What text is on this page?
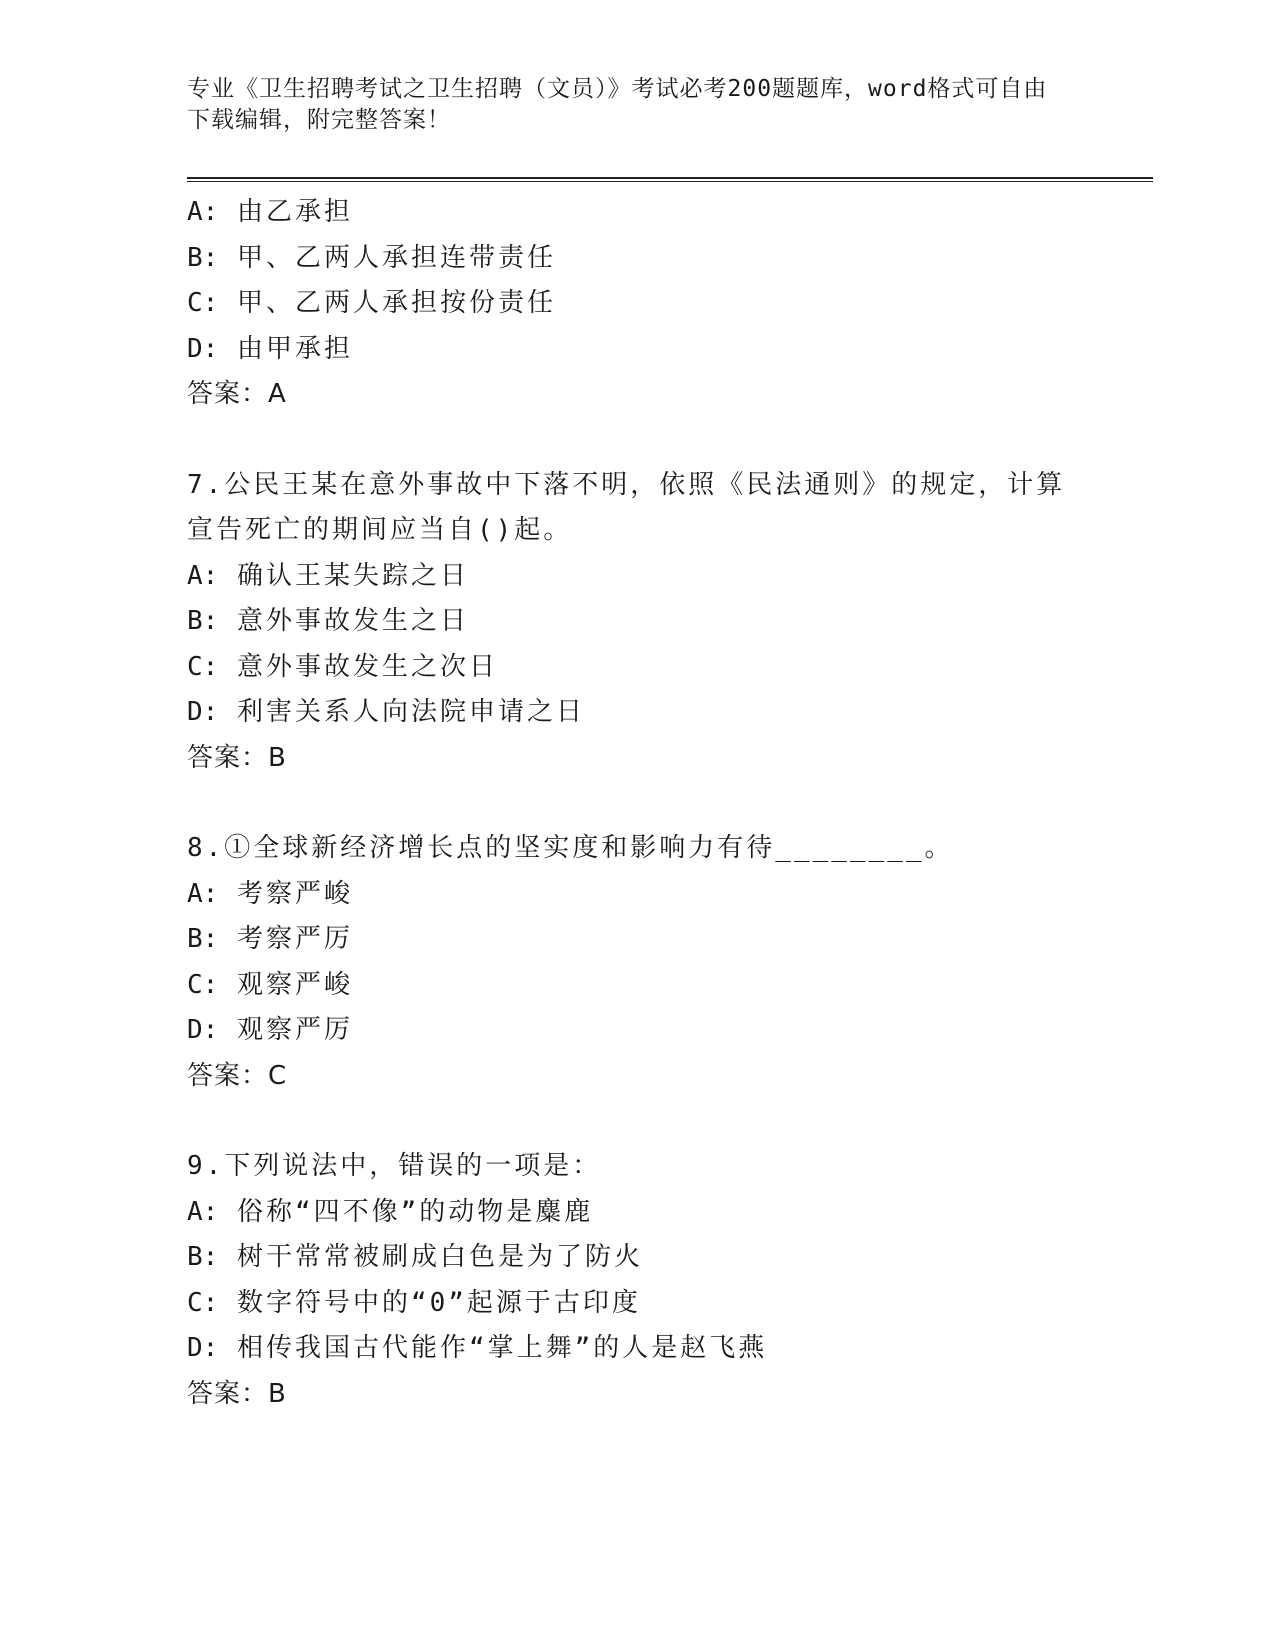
专业《卫生招聘考试之卫生招聘（文员）》考试必考200题题库，word格式可自由下载编辑，附完整答案！
A: 由乙承担
B: 甲、乙两人承担连带责任
C: 甲、乙两人承担按份责任
D: 由甲承担
答案：A
7.公民王某在意外事故中下落不明，依照《民法通则》的规定，计算宣告死亡的期间应当自()起。
A: 确认王某失踪之日
B: 意外事故发生之日
C: 意外事故发生之次日
D: 利害关系人向法院申请之日
答案：B
8.①全球新经济增长点的坚实度和影响力有待________。
A: 考察严峻
B: 考察严厉
C: 观察严峻
D: 观察严厉
答案：C
9.下列说法中，错误的一项是：
A: 俗称“四不像”的动物是麋鹿
B: 树干常常被刷成白色是为了防火
C: 数字符号中的“0”起源于古印度
D: 相传我国古代能作“掌上舞”的人是赵飞燕
答案：B
